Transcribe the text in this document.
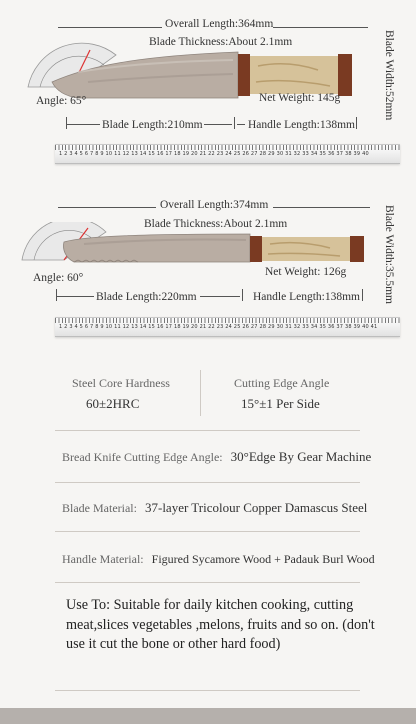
Overall Length:364mm
Blade Thickness:About 2.1mm
Angle: 65°	Net Weight: 145g	Blade Width:52mm
Blade Length:210mm	Handle Length:138mm
1 2 3 4 5 6 7 8 9 10 11 12 13 14 15 16 17 18 19 20 21 22 23 24 25 26 27 28 29 30 31 32 33 34 35 36 37 38 39 40
Overall Length:374mm
Blade Thickness:About 2.1mm
Angle: 60°	Net Weight: 126g	Blade Width:35.5mm
Blade Length:220mm	Handle Length:138mm
1 2 3 4 5 6 7 8 9 10 11 12 13 14 15 16 17 18 19 20 21 22 23 24 25 26 27 28 29 30 31 32 33 34 35 36 37 38 39 40 41
Steel Core Hardness
60±2HRC
Cutting Edge Angle
15°±1 Per Side
Bread Knife Cutting Edge Angle: 30°Edge By Gear Machine
Blade Material: 37-layer Tricolour Copper Damascus Steel
Handle Material: Figured Sycamore Wood + Padauk Burl Wood
Use To: Suitable for daily kitchen cooking, cutting meat,slices vegetables ,melons, fruits and so on. (don't use it cut the bone or other hard food)
